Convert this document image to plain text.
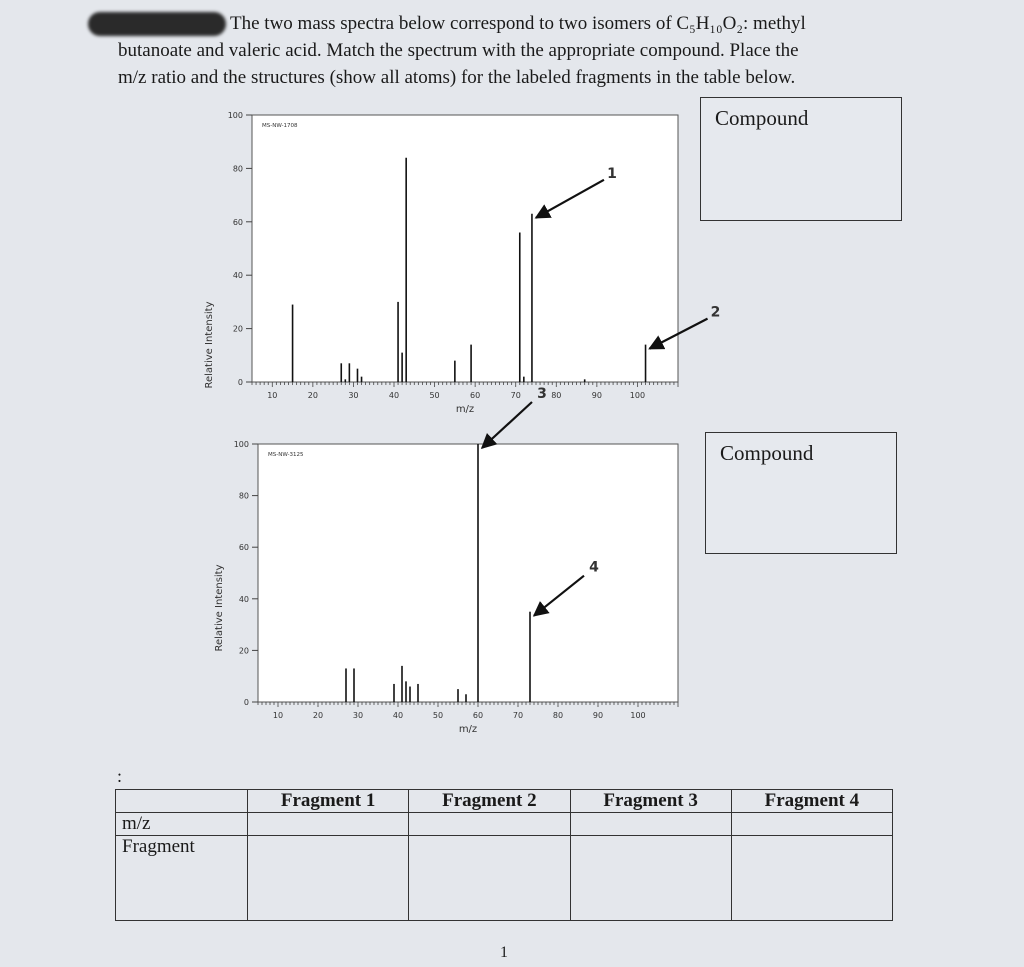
The two mass spectra below correspond to two isomers of C₅H₁₀O₂: methyl

butanoate and valeric acid. Match the spectrum with the appropriate compound. Place the

m/z ratio and the structures (show all atoms) for the labeled fragments in the table below.

0
20
40
60
80
100
10	20	30	40	50	60	70	80	90	100
MS-NW-1708
m/z
Relative Intensity
1
2
0
20
40
60
80
100
10	20	30	40	50	60	70	80	90	100
MS-NW-3125
m/z
Relative Intensity
3
4
Compound
Compound
:
	Fragment 1	Fragment 2	Fragment 3	Fragment 4
m/z				
Fragment				
1
